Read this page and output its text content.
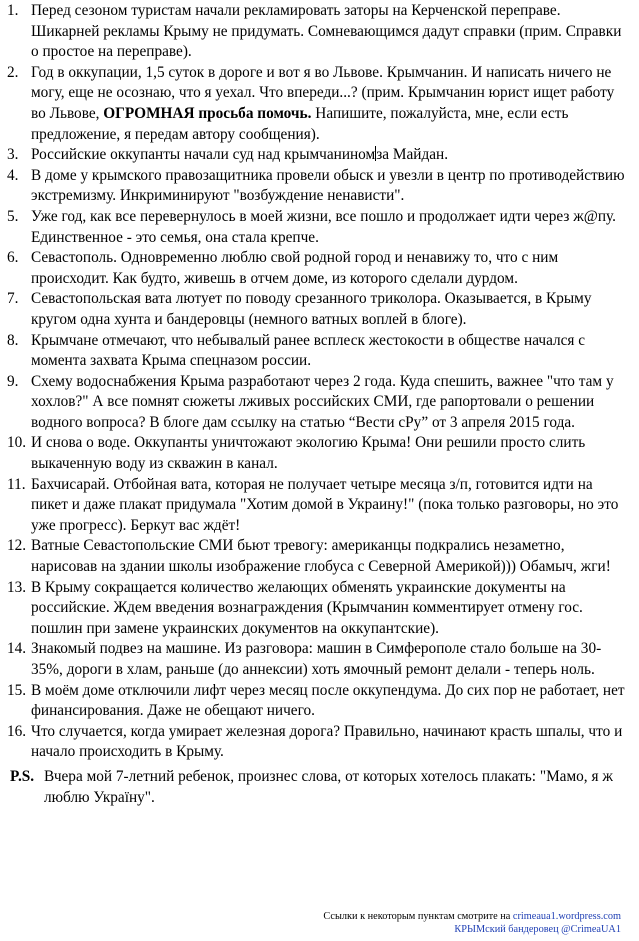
1. Перед сезоном туристам начали рекламировать заторы на Керченской переправе. Шикарней рекламы Крыму не придумать. Сомневающимся дадут справки (прим. Справки о простое на переправе).
2. Год в оккупации, 1,5 суток в дороге и вот я во Львове. Крымчанин. И написать ничего не могу, еще не осознаю, что я уехал. Что впереди...? (прим. Крымчанин юрист ищет работу во Львове, ОГРОМНАЯ просьба помочь. Напишите, пожалуйста, мне, если есть предложение, я передам автору сообщения).
3. Российские оккупанты начали суд над крымчаниномза Майдан.
4. В доме у крымского правозащитника провели обыск и увезли в центр по противодействию экстремизму. Инкриминируют "возбуждение ненависти".
5. Уже год, как все перевернулось в моей жизни, все пошло и продолжает идти через ж@пу. Единственное - это семья, она стала крепче.
6. Севастополь. Одновременно люблю свой родной город и ненавижу то, что с ним происходит. Как будто, живешь в отчем доме, из которого сделали дурдом.
7. Севастопольская вата лютует по поводу срезанного триколора. Оказывается, в Крыму кругом одна хунта и бандеровцы (немного ватных воплей в блоге).
8. Крымчане отмечают, что небывалый ранее всплеск жестокости в обществе начался с момента захвата Крыма спецназом россии.
9. Схему водоснабжения Крыма разработают через 2 года. Куда спешить, важнее "что там у хохлов?" А все помнят сюжеты лживых российских СМИ, где рапортовали о решении водного вопроса? В блоге дам ссылку на статью “Вести сРу” от 3 апреля 2015 года.
10. И снова о воде. Оккупанты уничтожают экологию Крыма! Они решили просто слить выкаченную воду из скважин в канал.
11. Бахчисарай. Отбойная вата, которая не получает четыре месяца з/п, готовится идти на пикет и даже плакат придумала "Хотим домой в Украину!" (пока только разговоры, но это уже прогресс). Беркут вас ждёт!
12. Ватные Севастопольские СМИ бьют тревогу: американцы подкрались незаметно, нарисовав на здании школы изображение глобуса с Северной Америкой))) Обамыч, жги!
13. В Крыму сокращается количество желающих обменять украинские документы на российские. Ждем введения вознаграждения (Крымчанин комментирует отмену гос. пошлин при замене украинских документов на оккупантские).
14. Знакомый подвез на машине. Из разговора: машин в Симферополе стало больше на 30-35%, дороги в хлам, раньше (до аннексии) хоть ямочный ремонт делали - теперь ноль.
15. В моём доме отключили лифт через месяц после оккупендума. До сих пор не работает, нет финансирования. Даже не обещают ничего.
16. Что случается, когда умирает железная дорога? Правильно, начинают красть шпалы, что и начало происходить в Крыму.
P.S. Вчера мой 7-летний ребенок, произнес слова, от которых хотелось плакать: "Мамо, я ж люблю Україну".
Ссылки к некоторым пунктам смотрите на crimeaua1.wordpress.com
КРЫМский бандеровец @CrimeaUA1
